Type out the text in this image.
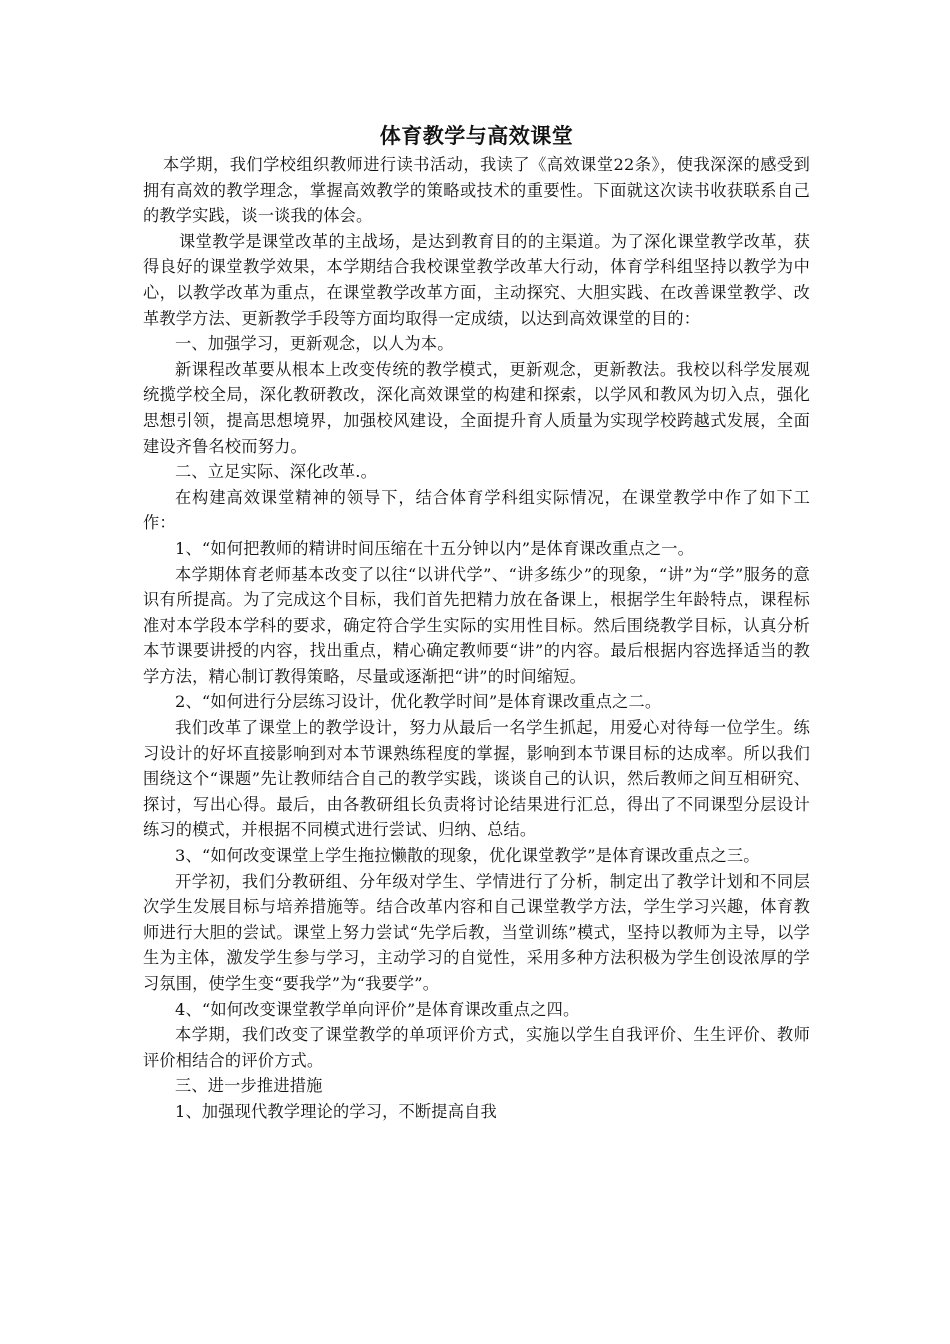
体育教学与高效课堂

本学期，我们学校组织教师进行读书活动，我读了《高效课堂22条》，使我深深的感受到拥有高效的教学理念，掌握高效教学的策略或技术的重要性。下面就这次读书收获联系自己的教学实践，谈一谈我的体会。

课堂教学是课堂改革的主战场，是达到教育目的的主渠道。为了深化课堂教学改革，获得良好的课堂教学效果，本学期结合我校课堂教学改革大行动，体育学科组坚持以教学为中心，以教学改革为重点，在课堂教学改革方面，主动探究、大胆实践、在改善课堂教学、改革教学方法、更新教学手段等方面均取得一定成绩，以达到高效课堂的目的：

一、加强学习，更新观念，以人为本。

新课程改革要从根本上改变传统的教学模式，更新观念，更新教法。我校以科学发展观统揽学校全局，深化教研教改，深化高效课堂的构建和探索，以学风和教风为切入点，强化思想引领，提高思想境界，加强校风建设，全面提升育人质量为实现学校跨越式发展，全面建设齐鲁名校而努力。

二、立足实际、深化改革.。

在构建高效课堂精神的领导下，结合体育学科组实际情况，在课堂教学中作了如下工作：

1、“如何把教师的精讲时间压缩在十五分钟以内”是体育课改重点之一。

本学期体育老师基本改变了以往“以讲代学”、“讲多练少”的现象，“讲”为“学”服务的意识有所提高。为了完成这个目标，我们首先把精力放在备课上，根据学生年龄特点，课程标准对本学段本学科的要求，确定符合学生实际的实用性目标。然后围绕教学目标，认真分析本节课要讲授的内容，找出重点，精心确定教师要“讲”的内容。最后根据内容选择适当的教学方法，精心制订教得策略，尽量或逐渐把“讲”的时间缩短。

2、“如何进行分层练习设计，优化教学时间”是体育课改重点之二。

我们改革了课堂上的教学设计，努力从最后一名学生抓起，用爱心对待每一位学生。练习设计的好坏直接影响到对本节课熟练程度的掌握，影响到本节课目标的达成率。所以我们围绕这个“课题”先让教师结合自己的教学实践，谈谈自己的认识，然后教师之间互相研究、探讨，写出心得。最后，由各教研组长负责将讨论结果进行汇总，得出了不同课型分层设计练习的模式，并根据不同模式进行尝试、归纳、总结。

3、“如何改变课堂上学生拖拉懒散的现象，优化课堂教学”是体育课改重点之三。

开学初，我们分教研组、分年级对学生、学情进行了分析，制定出了教学计划和不同层次学生发展目标与培养措施等。结合改革内容和自己课堂教学方法，学生学习兴趣，体育教师进行大胆的尝试。课堂上努力尝试“先学后教，当堂训练”模式，坚持以教师为主导，以学生为主体，激发学生参与学习，主动学习的自觉性，采用多种方法积极为学生创设浓厚的学习氛围，使学生变“要我学”为“我要学”。

4、“如何改变课堂教学单向评价”是体育课改重点之四。

本学期，我们改变了课堂教学的单项评价方式，实施以学生自我评价、生生评价、教师评价相结合的评价方式。

三、进一步推进措施

1、加强现代教学理论的学习，不断提高自我
